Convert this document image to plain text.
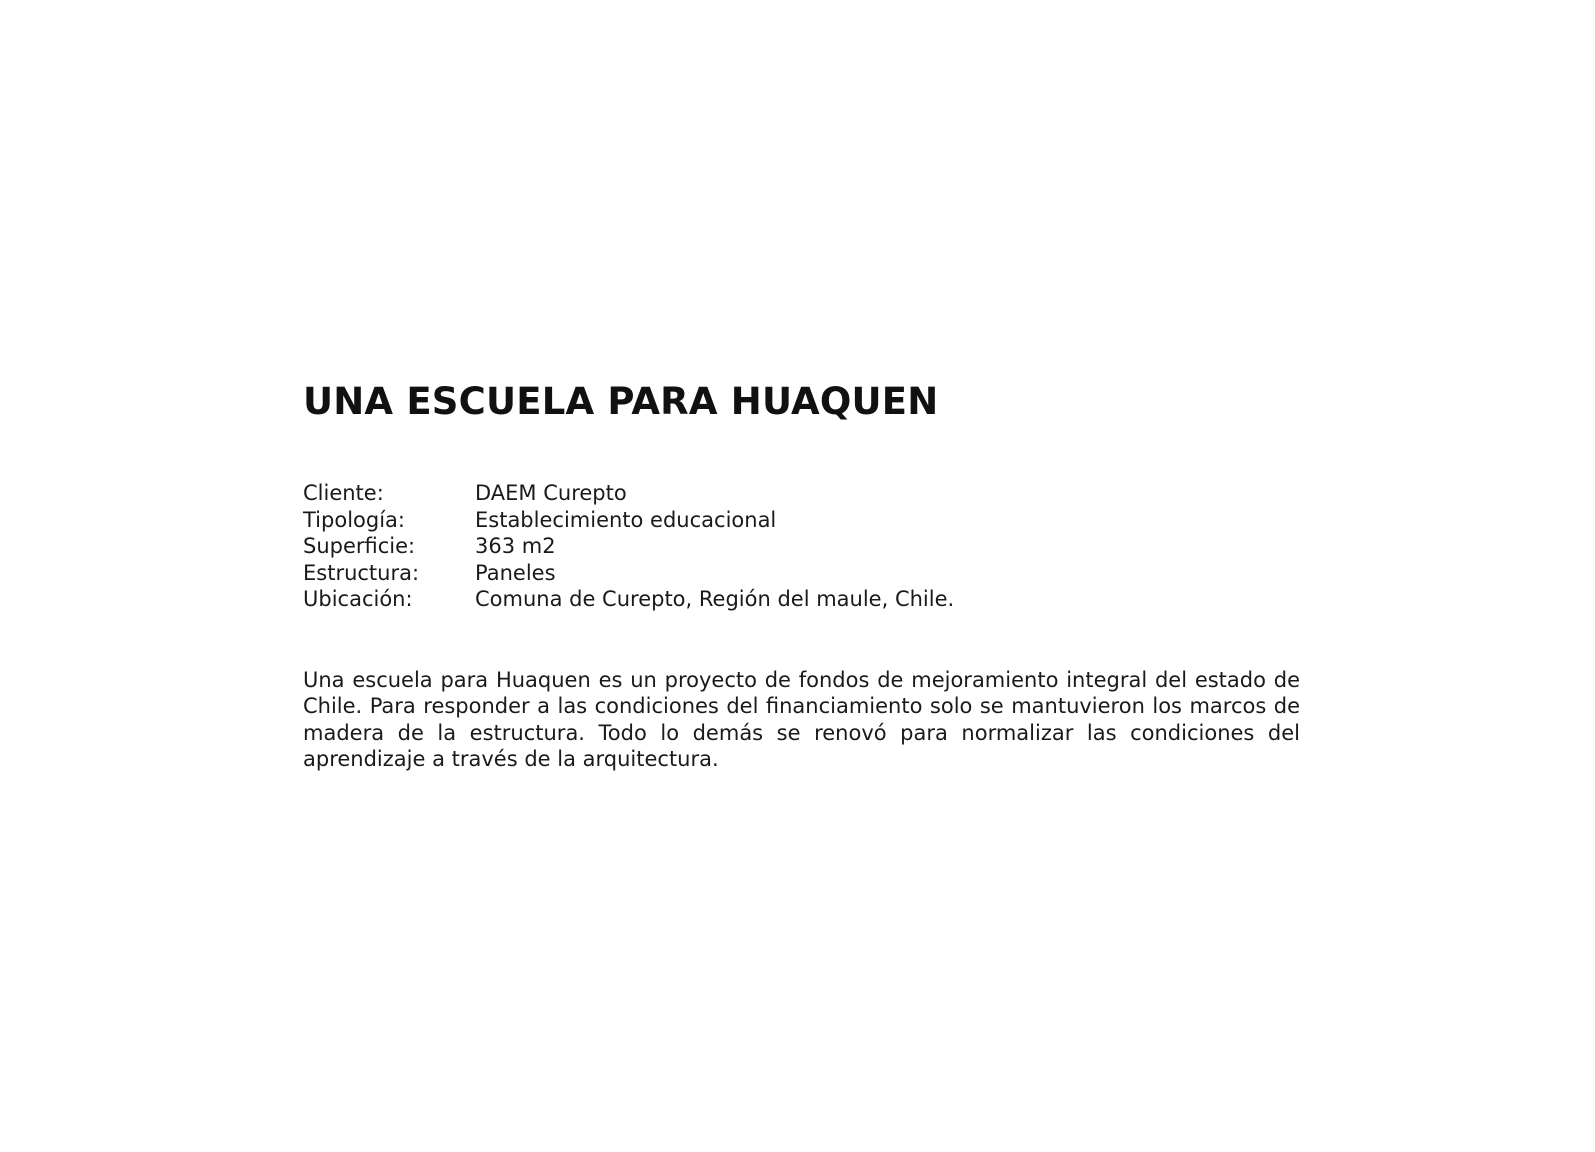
UNA ESCUELA PARA HUAQUEN
Cliente:	DAEM Curepto
Tipología:	Establecimiento educacional
Superficie:	363 m2
Estructura:	Paneles
Ubicación:	Comuna de Curepto, Región del maule, Chile.

Una escuela para Huaquen es un proyecto de fondos de mejoramiento integral del estado de Chile. Para responder a las condiciones del financiamiento solo se mantuvieron los marcos de madera de la estructura. Todo lo demás se renovó para normalizar las condiciones del aprendizaje a través de la arquitectura.
